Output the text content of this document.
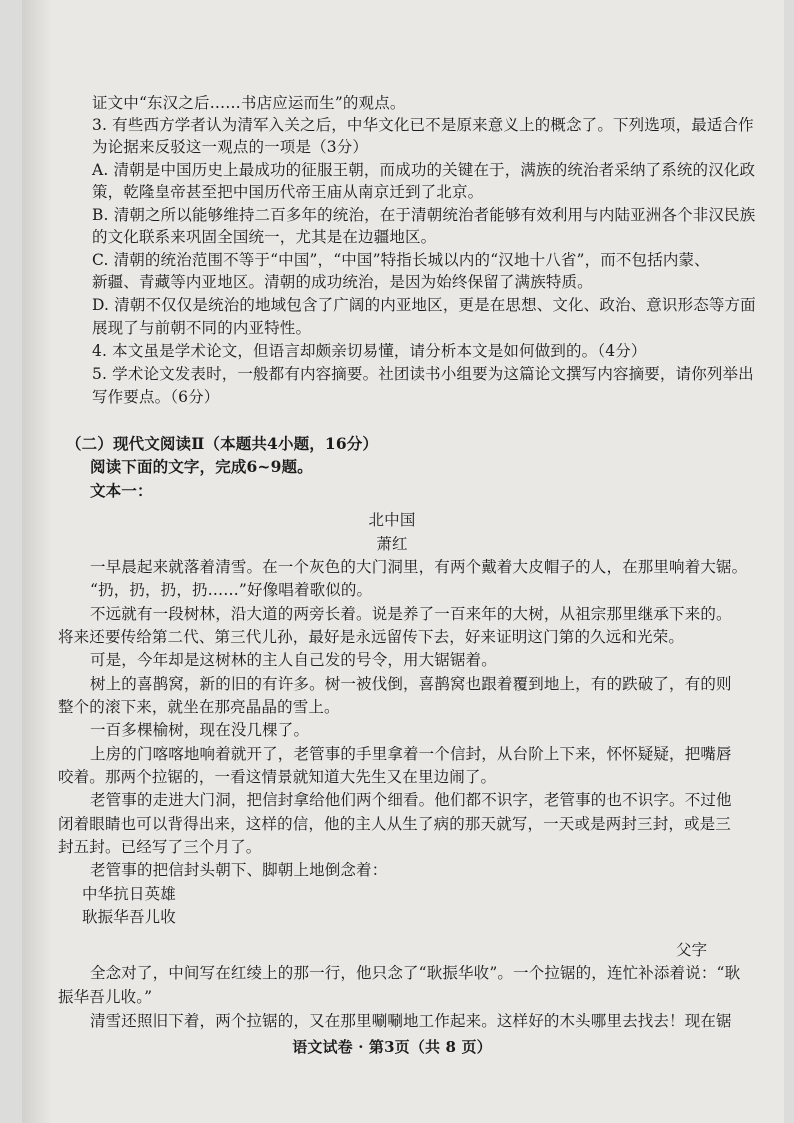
证文中“东汉之后……书店应运而生”的观点。
3. 有些西方学者认为清军入关之后，中华文化已不是原来意义上的概念了。下列选项，最适合作
为论据来反驳这一观点的一项是（3分）
A. 清朝是中国历史上最成功的征服王朝，而成功的关键在于，满族的统治者采纳了系统的汉化政
策，乾隆皇帝甚至把中国历代帝王庙从南京迁到了北京。
B. 清朝之所以能够维持二百多年的统治，在于清朝统治者能够有效利用与内陆亚洲各个非汉民族
的文化联系来巩固全国统一，尤其是在边疆地区。
C. 清朝的统治范围不等于“中国”，“中国”特指长城以内的“汉地十八省”，而不包括内蒙、
新疆、青藏等内亚地区。清朝的成功统治，是因为始终保留了满族特质。
D. 清朝不仅仅是统治的地域包含了广阔的内亚地区，更是在思想、文化、政治、意识形态等方面
展现了与前朝不同的内亚特性。
4. 本文虽是学术论文，但语言却颇亲切易懂，请分析本文是如何做到的。（4分）
5. 学术论文发表时，一般都有内容摘要。社团读书小组要为这篇论文撰写内容摘要，请你列举出
写作要点。（6分）
（二）现代文阅读Ⅱ（本题共4小题，16分）
阅读下面的文字，完成6~9题。
文本一：
北中国
萧红
一早晨起来就落着清雪。在一个灰色的大门洞里，有两个戴着大皮帽子的人，在那里响着大锯。
“扔，扔，扔，扔……”好像唱着歌似的。
不远就有一段树林，沿大道的两旁长着。说是养了一百来年的大树，从祖宗那里继承下来的。
将来还要传给第二代、第三代儿孙，最好是永远留传下去，好来证明这门第的久远和光荣。
可是，今年却是这树林的主人自己发的号令，用大锯锯着。
树上的喜鹊窝，新的旧的有许多。树一被伐倒，喜鹊窝也跟着覆到地上，有的跌破了，有的则
整个的滚下来，就坐在那亮晶晶的雪上。
一百多棵榆树，现在没几棵了。
上房的门喀喀地响着就开了，老管事的手里拿着一个信封，从台阶上下来，怀怀疑疑，把嘴唇
咬着。那两个拉锯的，一看这情景就知道大先生又在里边闹了。
老管事的走进大门洞，把信封拿给他们两个细看。他们都不识字，老管事的也不识字。不过他
闭着眼睛也可以背得出来，这样的信，他的主人从生了病的那天就写，一天或是两封三封，或是三
封五封。已经写了三个月了。
老管事的把信封头朝下、脚朝上地倒念着：
中华抗日英雄
耿振华吾儿收
父字
全念对了，中间写在红绫上的那一行，他只念了“耿振华收”。一个拉锯的，连忙补添着说：“耿
振华吾儿收。”
清雪还照旧下着，两个拉锯的，又在那里唰唰地工作起来。这样好的木头哪里去找去！现在锯
语文试卷 · 第3页（共 8 页）
